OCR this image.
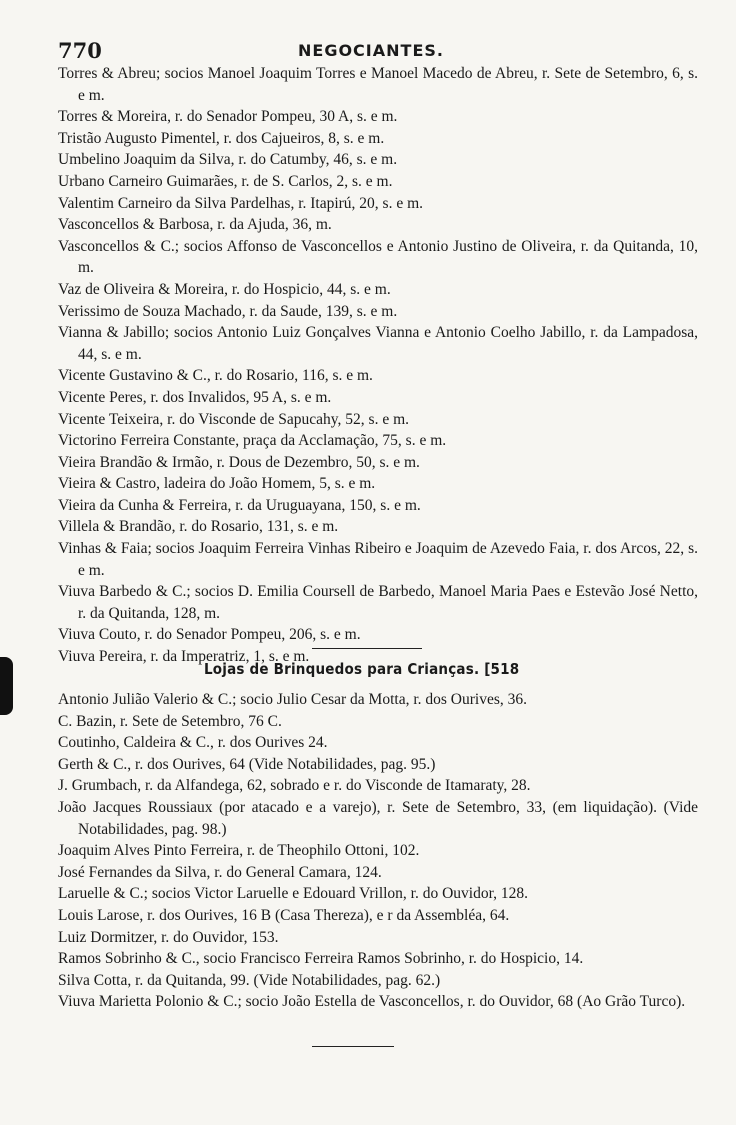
770	NEGOCIANTES.
Torres & Abreu; socios Manoel Joaquim Torres e Manoel Macedo de Abreu, r. Sete de Setembro, 6, s. e m.
Torres & Moreira, r. do Senador Pompeu, 30 A, s. e m.
Tristão Augusto Pimentel, r. dos Cajueiros, 8, s. e m.
Umbelino Joaquim da Silva, r. do Catumby, 46, s. e m.
Urbano Carneiro Guimarães, r. de S. Carlos, 2, s. e m.
Valentim Carneiro da Silva Pardelhas, r. Itapirú, 20, s. e m.
Vasconcellos & Barbosa, r. da Ajuda, 36, m.
Vasconcellos & C.; socios Affonso de Vasconcellos e Antonio Justino de Oliveira, r. da Quitanda, 10, m.
Vaz de Oliveira & Moreira, r. do Hospicio, 44, s. e m.
Verissimo de Souza Machado, r. da Saude, 139, s. e m.
Vianna & Jabillo; socios Antonio Luiz Gonçalves Vianna e Antonio Coelho Jabillo, r. da Lampadosa, 44, s. e m.
Vicente Gustavino & C., r. do Rosario, 116, s. e m.
Vicente Peres, r. dos Invalidos, 95 A, s. e m.
Vicente Teixeira, r. do Visconde de Sapucahy, 52, s. e m.
Victorino Ferreira Constante, praça da Acclamação, 75, s. e m.
Vieira Brandão & Irmão, r. Dous de Dezembro, 50, s. e m.
Vieira & Castro, ladeira do João Homem, 5, s. e m.
Vieira da Cunha & Ferreira, r. da Uruguayana, 150, s. e m.
Villela & Brandão, r. do Rosario, 131, s. e m.
Vinhas & Faia; socios Joaquim Ferreira Vinhas Ribeiro e Joaquim de Azevedo Faia, r. dos Arcos, 22, s. e m.
Viuva Barbedo & C.; socios D. Emilia Coursell de Barbedo, Manoel Maria Paes e Estevão José Netto, r. da Quitanda, 128, m.
Viuva Couto, r. do Senador Pompeu, 206, s. e m.
Viuva Pereira, r. da Imperatriz, 1, s. e m.
Lojas de Brinquedos para Crianças. [518
Antonio Julião Valerio & C.; socio Julio Cesar da Motta, r. dos Ourives, 36.
C. Bazin, r. Sete de Setembro, 76 C.
Coutinho, Caldeira & C., r. dos Ourives 24.
Gerth & C., r. dos Ourives, 64 (Vide Notabilidades, pag. 95.)
J. Grumbach, r. da Alfandega, 62, sobrado e r. do Visconde de Itamaraty, 28.
João Jacques Roussiaux (por atacado e a varejo), r. Sete de Setembro, 33, (em liquidação). (Vide Notabilidades, pag. 98.)
Joaquim Alves Pinto Ferreira, r. de Theophilo Ottoni, 102.
José Fernandes da Silva, r. do General Camara, 124.
Laruelle & C.; socios Victor Laruelle e Edouard Vrillon, r. do Ouvidor, 128.
Louis Larose, r. dos Ourives, 16 B (Casa Thereza), e r da Assembléa, 64.
Luiz Dormitzer, r. do Ouvidor, 153.
Ramos Sobrinho & C., socio Francisco Ferreira Ramos Sobrinho, r. do Hospicio, 14.
Silva Cotta, r. da Quitanda, 99. (Vide Notabilidades, pag. 62.)
Viuva Marietta Polonio & C.; socio João Estella de Vasconcellos, r. do Ouvidor, 68 (Ao Grão Turco).
